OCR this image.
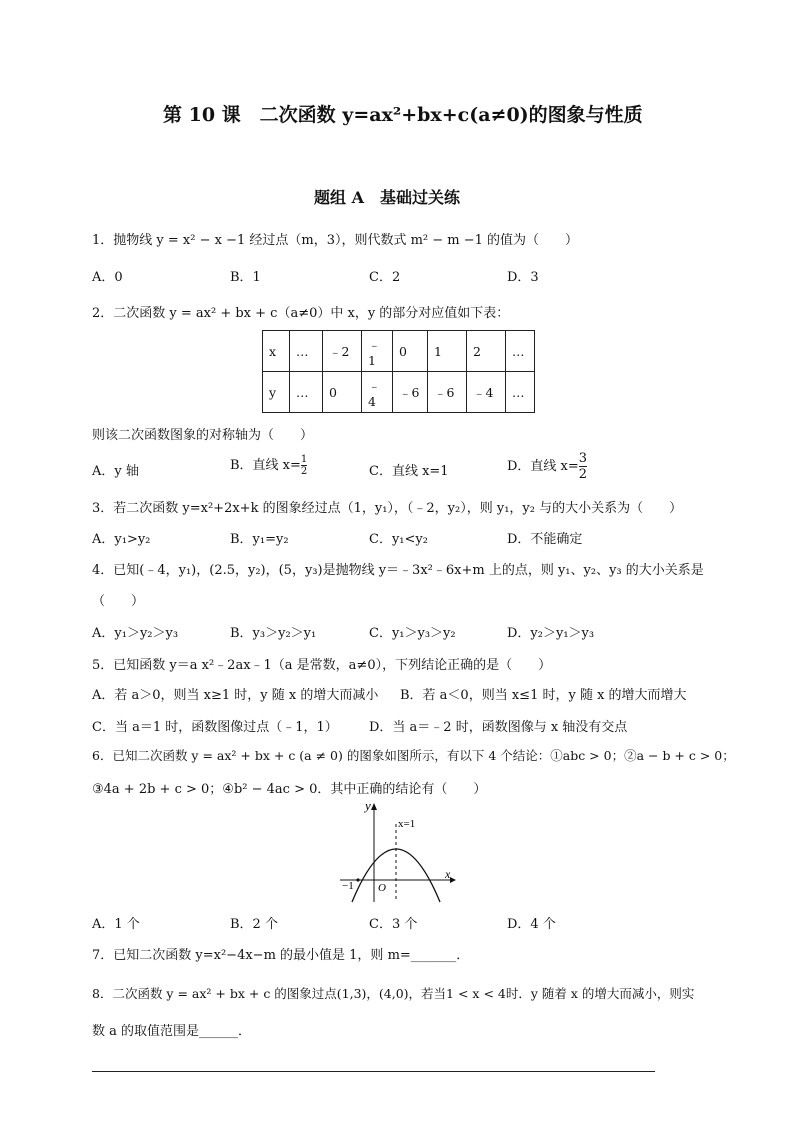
第 10 课　二次函数 y=ax²+bx+c(a≠0)的图象与性质
题组 A　基础过关练
1．抛物线 y = x² − x −1 经过点（m，3），则代数式 m² − m −1 的值为（　　）
A．0	B．1	C．2	D．3
2．二次函数 y = ax² + bx + c（a≠0）中 x，y 的部分对应值如下表：
x	…	﹣2	﹣1	0	1	2	…
y	…	0	﹣4	﹣6	﹣6	﹣4	…
则该二次函数图象的对称轴为（　　）
A．y 轴	B．直线 $x= \frac{1}{2}$	C．直线 x=1	D．直线 $x= \frac{3}{2}$
3．若二次函数 y=x²+2x+k 的图象经过点（1，y₁），（﹣2，y₂），则 y₁，y₂ 与的大小关系为（　　）
A．y₁>y₂	B．y₁=y₂	C．y₁<y₂	D．不能确定
4．已知(﹣4，y₁)，(2.5，y₂)，(5，y₃)是抛物线 y＝﹣3x²﹣6x+m 上的点，则 y₁、y₂、y₃ 的大小关系是
（　　）
A．y₁＞y₂＞y₃	B．y₃＞y₂＞y₁	C．y₁＞y₃＞y₂	D．y₂＞y₁＞y₃
5．已知函数 y＝a x²﹣2ax﹣1（a 是常数，a≠0），下列结论正确的是（　　）
A．若 a＞0，则当 x≥1 时，y 随 x 的增大而减小 B．若 a＜0，则当 x≤1 时，y 随 x 的增大而增大
C．当 a＝1 时，函数图像过点（﹣1，1） D．当 a＝﹣2 时，函数图像与 x 轴没有交点
6．已知二次函数 y = ax² + bx + c (a ≠ 0) 的图象如图所示，有以下 4 个结论：①abc > 0；②a − b + c > 0；
③4a + 2b + c > 0；④b² − 4ac > 0．其中正确的结论有（　　）
y
x
O
−1
x=1
A．1 个	B．2 个	C．3 个	D．4 个
7．已知二次函数 y=x²−4x−m 的最小值是 1，则 m=_______．
8．二次函数 y = ax² + bx + c 的图象过点(1,3)，(4,0)，若当1 < x < 4时．y 随着 x 的增大而减小，则实
数 a 的取值范围是______．
